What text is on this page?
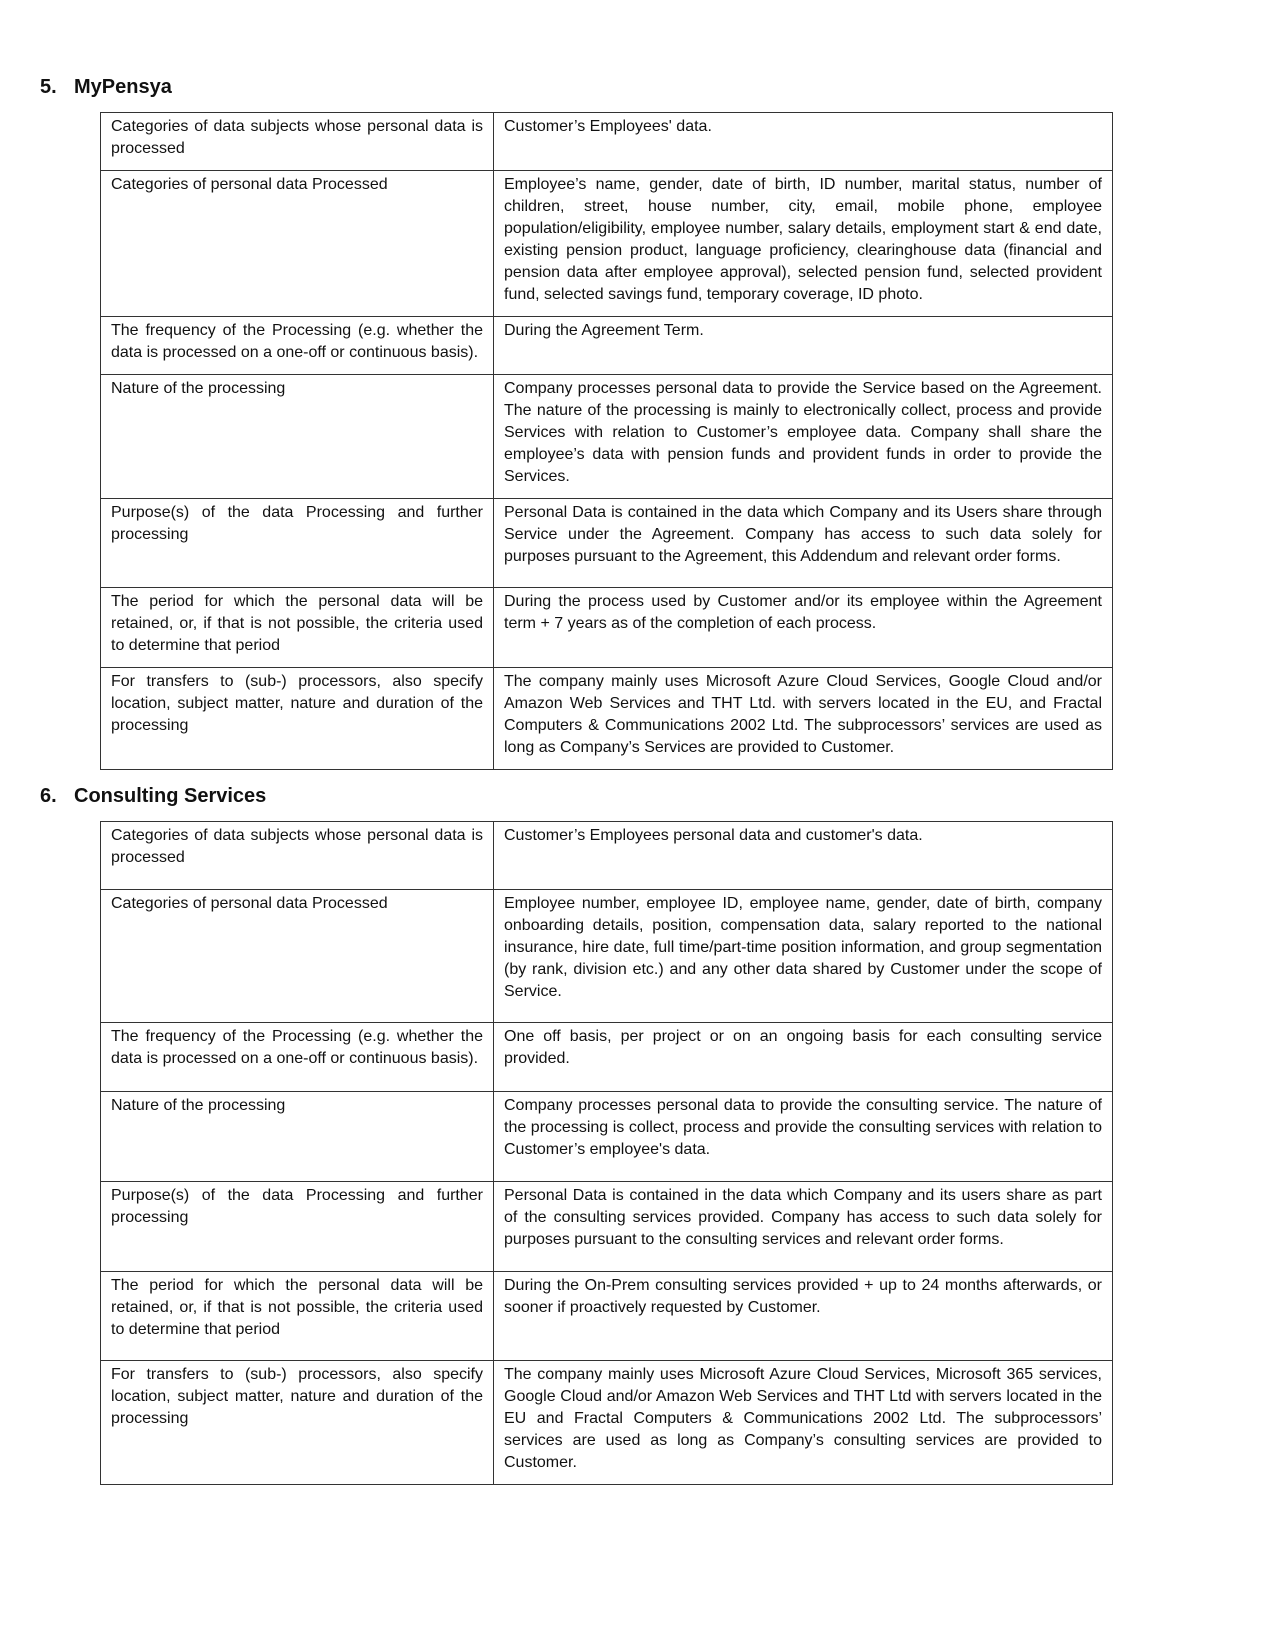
5. MyPensya
Categories of data subjects whose personal data is processed	Customer’s Employees' data.
Categories of personal data Processed	Employee’s name, gender, date of birth, ID number, marital status, number of children, street, house number, city, email, mobile phone, employee population/eligibility, employee number, salary details, employment start & end date, existing pension product, language proficiency, clearinghouse data (financial and pension data after employee approval), selected pension fund, selected provident fund, selected savings fund, temporary coverage, ID photo.
The frequency of the Processing (e.g. whether the data is processed on a one-off or continuous basis).	During the Agreement Term.
Nature of the processing	Company processes personal data to provide the Service based on the Agreement. The nature of the processing is mainly to electronically collect, process and provide Services with relation to Customer’s employee data. Company shall share the employee’s data with pension funds and provident funds in order to provide the Services.
Purpose(s) of the data Processing and further processing	Personal Data is contained in the data which Company and its Users share through Service under the Agreement. Company has access to such data solely for purposes pursuant to the Agreement, this Addendum and relevant order forms.
The period for which the personal data will be retained, or, if that is not possible, the criteria used to determine that period	During the process used by Customer and/or its employee within the Agreement term + 7 years as of the completion of each process.
For transfers to (sub-) processors, also specify location, subject matter, nature and duration of the processing	The company mainly uses Microsoft Azure Cloud Services, Google Cloud and/or Amazon Web Services and THT Ltd. with servers located in the EU, and Fractal Computers & Communications 2002 Ltd. The subprocessors’ services are used as long as Company’s Services are provided to Customer.
6. Consulting Services
Categories of data subjects whose personal data is processed	Customer’s Employees personal data and customer's data.
Categories of personal data Processed	Employee number, employee ID, employee name, gender, date of birth, company onboarding details, position, compensation data, salary reported to the national insurance, hire date, full time/part-time position information, and group segmentation (by rank, division etc.) and any other data shared by Customer under the scope of Service.
The frequency of the Processing (e.g. whether the data is processed on a one-off or continuous basis).	One off basis, per project or on an ongoing basis for each consulting service provided.
Nature of the processing	Company processes personal data to provide the consulting service. The nature of the processing is collect, process and provide the consulting services with relation to Customer’s employee's data.
Purpose(s) of the data Processing and further processing	Personal Data is contained in the data which Company and its users share as part of the consulting services provided. Company has access to such data solely for purposes pursuant to the consulting services and relevant order forms.
The period for which the personal data will be retained, or, if that is not possible, the criteria used to determine that period	During the On-Prem consulting services provided + up to 24 months afterwards, or sooner if proactively requested by Customer.
For transfers to (sub-) processors, also specify location, subject matter, nature and duration of the processing	The company mainly uses Microsoft Azure Cloud Services, Microsoft 365 services, Google Cloud and/or Amazon Web Services and THT Ltd with servers located in the EU and Fractal Computers & Communications 2002 Ltd. The subprocessors’ services are used as long as Company’s consulting services are provided to Customer.
